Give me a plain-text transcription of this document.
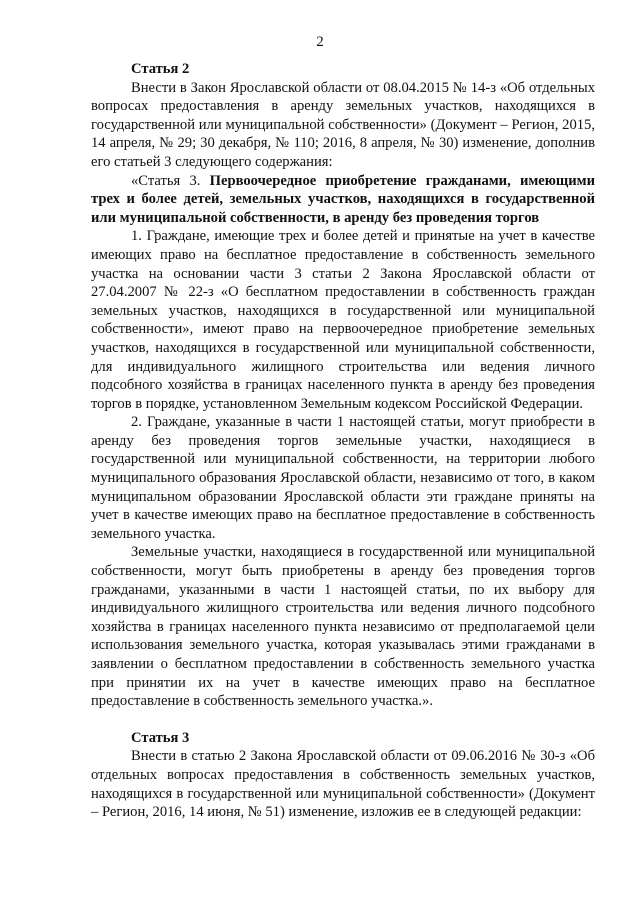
2

Статья 2

Внести в Закон Ярославской области от 08.04.2015 № 14-з «Об отдельных вопросах предоставления в аренду земельных участков, находящихся в государственной или муниципальной собственности» (Документ – Регион, 2015, 14 апреля, № 29; 30 декабря, № 110; 2016, 8 апреля, № 30) изменение, дополнив его статьей 3 следующего содержания:

«Статья 3. Первоочередное приобретение гражданами, имеющими трех и более детей, земельных участков, находящихся в государственной или муниципальной собственности, в аренду без проведения торгов

1. Граждане, имеющие трех и более детей и принятые на учет в качестве имеющих право на бесплатное предоставление в собственность земельного участка на основании части 3 статьи 2 Закона Ярославской области от 27.04.2007 № 22-з «О бесплатном предоставлении в собственность граждан земельных участков, находящихся в государственной или муниципальной собственности», имеют право на первоочередное приобретение земельных участков, находящихся в государственной или муниципальной собственности, для индивидуального жилищного строительства или ведения личного подсобного хозяйства в границах населенного пункта в аренду без проведения торгов в порядке, установленном Земельным кодексом Российской Федерации.

2. Граждане, указанные в части 1 настоящей статьи, могут приобрести в аренду без проведения торгов земельные участки, находящиеся в государственной или муниципальной собственности, на территории любого муниципального образования Ярославской области, независимо от того, в каком муниципальном образовании Ярославской области эти граждане приняты на учет в качестве имеющих право на бесплатное предоставление в собственность земельного участка.

Земельные участки, находящиеся в государственной или муниципальной собственности, могут быть приобретены в аренду без проведения торгов гражданами, указанными в части 1 настоящей статьи, по их выбору для индивидуального жилищного строительства или ведения личного подсобного хозяйства в границах населенного пункта независимо от предполагаемой цели использования земельного участка, которая указывалась этими гражданами в заявлении о бесплатном предоставлении в собственность земельного участка при принятии их на учет в качестве имеющих право на бесплатное предоставление в собственность земельного участка.».

Статья 3

Внести в статью 2 Закона Ярославской области от 09.06.2016 № 30-з «Об отдельных вопросах предоставления в собственность земельных участков, находящихся в государственной или муниципальной собственности» (Документ – Регион, 2016, 14 июня, № 51) изменение, изложив ее в следующей редакции:
